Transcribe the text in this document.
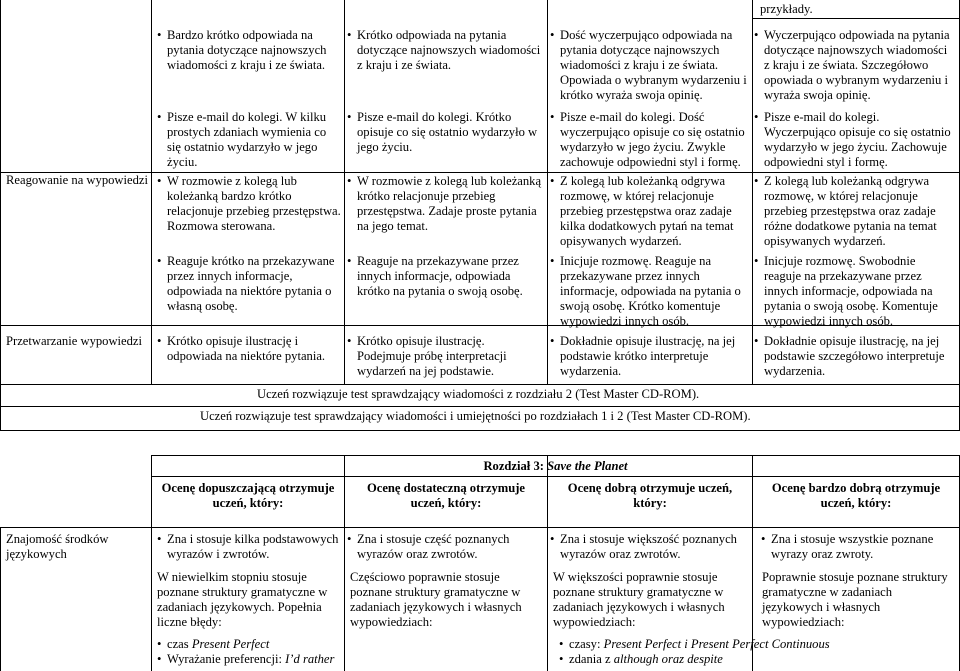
przykłady.
Reagowanie na wypowiedzi
Przetwarzanie wypowiedzi
• Bardzo krótko odpowiada na pytania dotyczące najnowszych wiadomości z kraju i ze świata.
• Krótko odpowiada na pytania dotyczące najnowszych wiadomości z kraju i ze świata.
• Dość wyczerpująco odpowiada na pytania dotyczące najnowszych wiadomości z kraju i ze świata. Opowiada o wybranym wydarzeniu i krótko wyraża swoja opinię.
• Wyczerpująco odpowiada na pytania dotyczące najnowszych wiadomości z kraju i ze świata. Szczegółowo opowiada o wybranym wydarzeniu i wyraża swoja opinię.
• Pisze e-mail do kolegi. W kilku prostych zdaniach wymienia co się ostatnio wydarzyło w jego życiu.
• Pisze e-mail do kolegi. Krótko opisuje co się ostatnio wydarzyło w jego życiu.
• Pisze e-mail do kolegi. Dość wyczerpująco opisuje co się ostatnio wydarzyło w jego życiu. Zwykle zachowuje odpowiedni styl i formę.
• Pisze e-mail do kolegi. Wyczerpująco opisuje co się ostatnio wydarzyło w jego życiu. Zachowuje odpowiedni styl i formę.
• W rozmowie z kolegą lub koleżanką bardzo krótko relacjonuje przebieg przestępstwa. Rozmowa sterowana.
• W rozmowie z kolegą lub koleżanką krótko relacjonuje przebieg przestępstwa. Zadaje proste pytania na jego temat.
• Z kolegą lub koleżanką odgrywa rozmowę, w której relacjonuje przebieg przestępstwa oraz zadaje kilka dodatkowych pytań na temat opisywanych wydarzeń.
• Z kolegą lub koleżanką odgrywa rozmowę, w której relacjonuje przebieg przestępstwa oraz zadaje różne dodatkowe pytania na temat opisywanych wydarzeń.
• Reaguje krótko na przekazywane przez innych informacje, odpowiada na niektóre pytania o własną osobę.
• Reaguje na przekazywane przez innych informacje, odpowiada krótko na pytania o swoją osobę.
• Inicjuje rozmowę. Reaguje na przekazywane przez innych informacje, odpowiada na pytania o swoją osobę. Krótko komentuje wypowiedzi innych osób.
• Inicjuje rozmowę. Swobodnie reaguje na przekazywane przez innych informacje, odpowiada na pytania o swoją osobę. Komentuje wypowiedzi innych osób.
• Krótko opisuje ilustrację i odpowiada na niektóre pytania.
• Krótko opisuje ilustrację. Podejmuje próbę interpretacji wydarzeń na jej podstawie.
• Dokładnie opisuje ilustrację, na jej podstawie krótko interpretuje wydarzenia.
• Dokładnie opisuje ilustrację, na jej podstawie szczegółowo interpretuje wydarzenia.
Uczeń rozwiązuje test sprawdzający wiadomości z rozdziału 2 (Test Master CD-ROM).
Uczeń rozwiązuje test sprawdzający wiadomości i umiejętności po rozdziałach 1 i 2 (Test Master CD-ROM).
Rozdział 3: Save the Planet
Ocenę dopuszczającą otrzymuje uczeń, który:
Ocenę dostateczną otrzymuje uczeń, który:
Ocenę dobrą otrzymuje uczeń, który:
Ocenę bardzo dobrą otrzymuje uczeń, który:
Znajomość środków językowych
• Zna i stosuje kilka podstawowych wyrazów i zwrotów.
W niewielkim stopniu stosuje poznane struktury gramatyczne w zadaniach językowych. Popełnia liczne błędy:
• czas Present Perfect
• Wyrażanie preferencji: I’d rather
• Zna i stosuje część poznanych wyrazów oraz zwrotów.
Częściowo poprawnie stosuje poznane struktury gramatyczne w zadaniach językowych i własnych wypowiedziach:
• Zna i stosuje większość poznanych wyrazów oraz zwrotów.
W większości poprawnie stosuje poznane struktury gramatyczne w zadaniach językowych i własnych wypowiedziach:
• czasy: Present Perfect i Present Perfect Continuous
• zdania z although oraz despite
• Zna i stosuje wszystkie poznane wyrazy oraz zwroty.
Poprawnie stosuje poznane struktury gramatyczne w zadaniach językowych i własnych wypowiedziach:
